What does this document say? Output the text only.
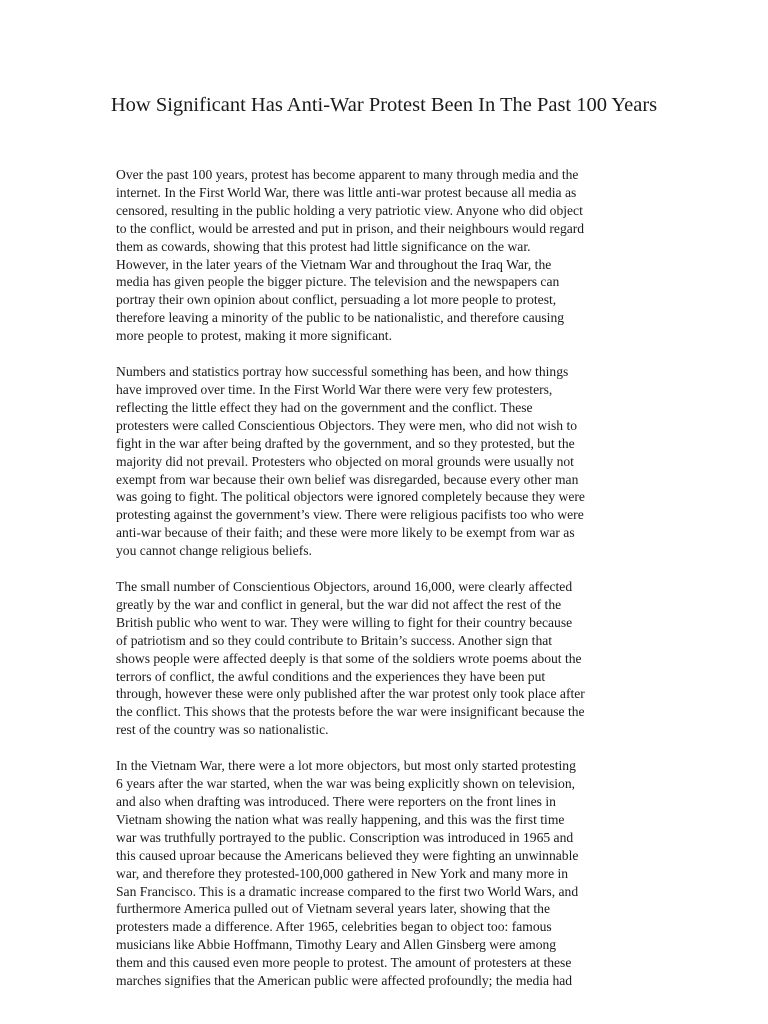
How Significant Has Anti-War Protest Been In The Past 100 Years

Over the past 100 years, protest has become apparent to many through media and the
internet. In the First World War, there was little anti-war protest because all media as
censored, resulting in the public holding a very patriotic view. Anyone who did object
to the conflict, would be arrested and put in prison, and their neighbours would regard
them as cowards, showing that this protest had little significance on the war.
However, in the later years of the Vietnam War and throughout the Iraq War, the
media has given people the bigger picture. The television and the newspapers can
portray their own opinion about conflict, persuading a lot more people to protest,
therefore leaving a minority of the public to be nationalistic, and therefore causing
more people to protest, making it more significant.

Numbers and statistics portray how successful something has been, and how things
have improved over time. In the First World War there were very few protesters,
reflecting the little effect they had on the government and the conflict. These
protesters were called Conscientious Objectors. They were men, who did not wish to
fight in the war after being drafted by the government, and so they protested, but the
majority did not prevail. Protesters who objected on moral grounds were usually not
exempt from war because their own belief was disregarded, because every other man
was going to fight. The political objectors were ignored completely because they were
protesting against the government’s view. There were religious pacifists too who were
anti-war because of their faith; and these were more likely to be exempt from war as
you cannot change religious beliefs.

The small number of Conscientious Objectors, around 16,000, were clearly affected
greatly by the war and conflict in general, but the war did not affect the rest of the
British public who went to war. They were willing to fight for their country because
of patriotism and so they could contribute to Britain’s success. Another sign that
shows people were affected deeply is that some of the soldiers wrote poems about the
terrors of conflict, the awful conditions and the experiences they have been put
through, however these were only published after the war protest only took place after
the conflict. This shows that the protests before the war were insignificant because the
rest of the country was so nationalistic.

In the Vietnam War, there were a lot more objectors, but most only started protesting
6 years after the war started, when the war was being explicitly shown on television,
and also when drafting was introduced. There were reporters on the front lines in
Vietnam showing the nation what was really happening, and this was the first time
war was truthfully portrayed to the public. Conscription was introduced in 1965 and
this caused uproar because the Americans believed they were fighting an unwinnable
war, and therefore they protested-100,000 gathered in New York and many more in
San Francisco. This is a dramatic increase compared to the first two World Wars, and
furthermore America pulled out of Vietnam several years later, showing that the
protesters made a difference. After 1965, celebrities began to object too: famous
musicians like Abbie Hoffmann, Timothy Leary and Allen Ginsberg were among
them and this caused even more people to protest. The amount of protesters at these
marches signifies that the American public were affected profoundly; the media had
